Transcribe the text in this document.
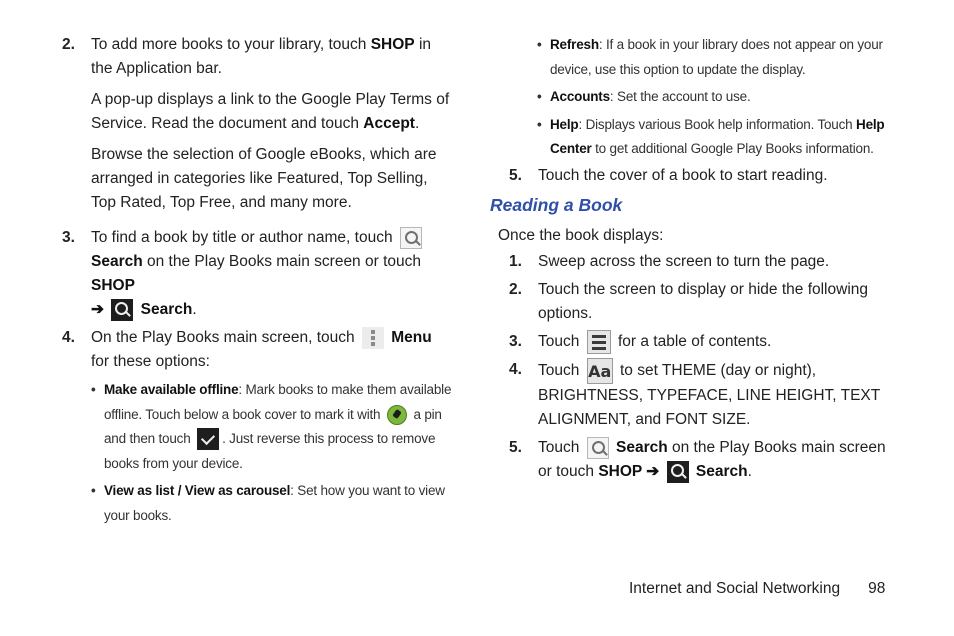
2.	To add more books to your library, touch SHOP in the Application bar.

A pop-up displays a link to the Google Play Terms of Service. Read the document and touch Accept.

Browse the selection of Google eBooks, which are arranged in categories like Featured, Top Selling, Top Rated, Top Free, and many more.

3.	To find a book by title or author name, touch
Search on the Play Books main screen or touch SHOP
➔  Search.
4.	On the Play Books main screen, touch
Menu for these options:
• Make available offline: Mark books to make them available offline. Touch below a book cover to mark it with  a pin and then touch . Just reverse this process to remove books from your device.
• View as list / View as carousel: Set how you want to view your books.
• Refresh: If a book in your library does not appear on your device, use this option to update the display.
• Accounts: Set the account to use.
• Help: Displays various Book help information. Touch Help Center to get additional Google Play Books information.
5.	Touch the cover of a book to start reading.
Reading a Book
Once the book displays:
1.	Sweep across the screen to turn the page.
2.	Touch the screen to display or hide the following options.
3.	Touch
for a table of contents.
4.	Touch Aa to set THEME (day or night), BRIGHTNESS, TYPEFACE, LINE HEIGHT, TEXT ALIGNMENT, and FONT SIZE.
5.	Touch  Search on the Play Books main screen or touch SHOP ➔  Search.
Internet and Social Networking 98
